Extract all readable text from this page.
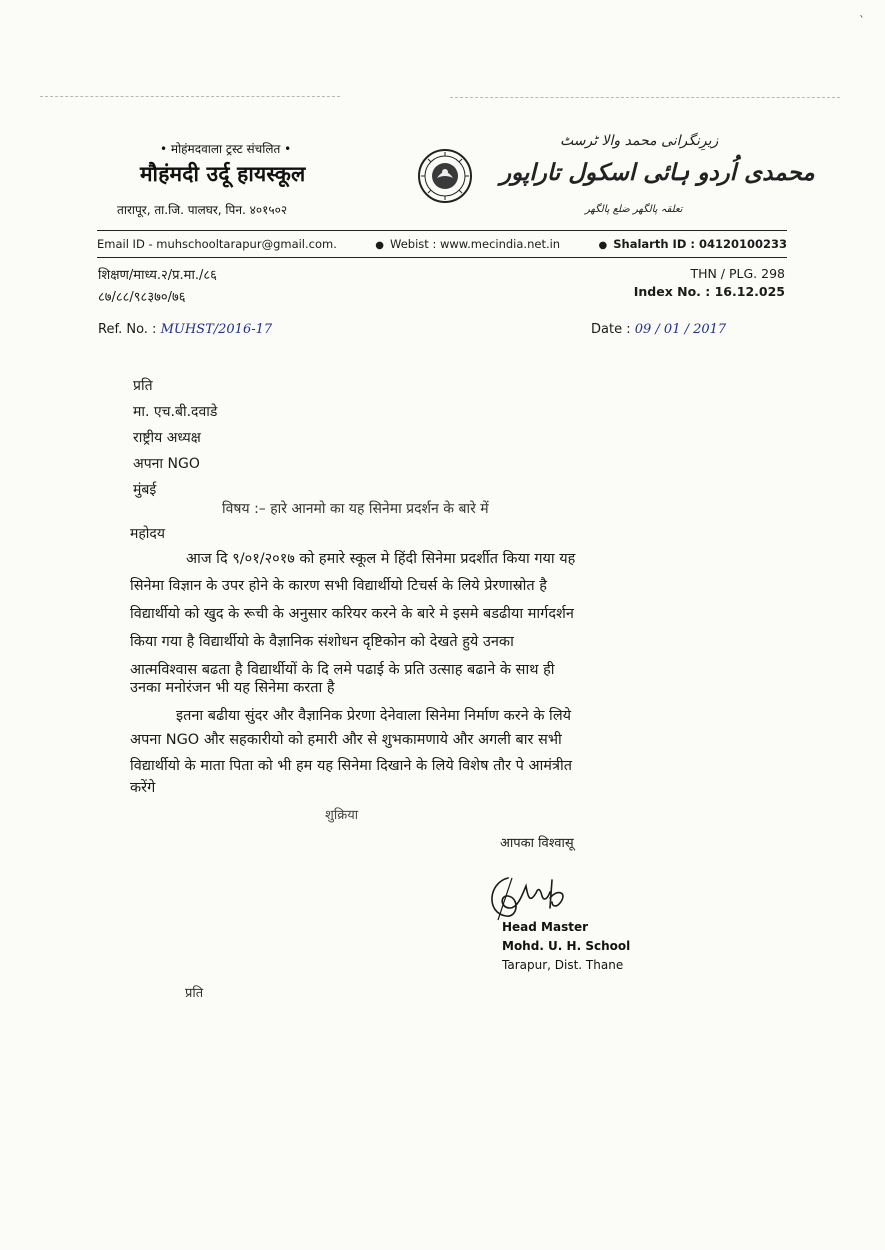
`
• मोहंमदवाला ट्रस्ट संचलित •
मौहंमदी उर्दू हायस्कूल
तारापूर, ता.जि. पालघर, पिन. ४०१५०२
زیرِنگرانی محمد والا ٹرسٹ
محمدی اُردو ہائی اسکول تاراپور
تعلقہ پالگھر ضلع پالگھر
Email ID - muhschooltarapur@gmail.com.	● Webist : www.mecindia.net.in	● Shalarth ID : 04120100233
शिक्षण/माध्य.२/प्र.मा./८६
८७/८८/९८३७०/७६
THN / PLG. 298
Index No. : 16.12.025
Ref. No. : MUHST/2016-17	Date : 09 / 01 / 2017
प्रति
मा. एच.बी.दवाडे
राष्ट्रीय अध्यक्ष
अपना NGO
मुंबई
विषय :– हारे आनमो का यह सिनेमा प्रदर्शन के बारे में
महोदय
आज दि ९/०१/२०१७ को हमारे स्कूल मे हिंदी सिनेमा प्रदर्शीत किया गया यह
सिनेमा विज्ञान के उपर होने के कारण सभी विद्यार्थीयो टिचर्स के लिये प्रेरणास्रोत है
विद्यार्थीयो को खुद के रूची के अनुसार करियर करने के बारे मे इसमे बडढीया मार्गदर्शन
किया गया है विद्यार्थीयो के वैज्ञानिक संशोधन दृष्टिकोन को देखते हुये उनका
आत्मविश्वास बढता है विद्यार्थीयों के दि लमे पढाई के प्रति उत्साह बढाने के साथ ही
उनका मनोरंजन भी यह सिनेमा करता है
इतना बढीया सुंदर और वैज्ञानिक प्रेरणा देनेवाला सिनेमा निर्माण करने के लिये
अपना NGO और सहकारीयो को हमारी और से शुभकामणाये और अगली बार सभी
विद्यार्थीयो के माता पिता को भी हम यह सिनेमा दिखाने के लिये विशेष तौर पे आमंत्रीत
करेंगे
शुक्रिया
आपका विश्वासू
Head Master
Mohd. U. H. School
Tarapur, Dist. Thane
प्रति
